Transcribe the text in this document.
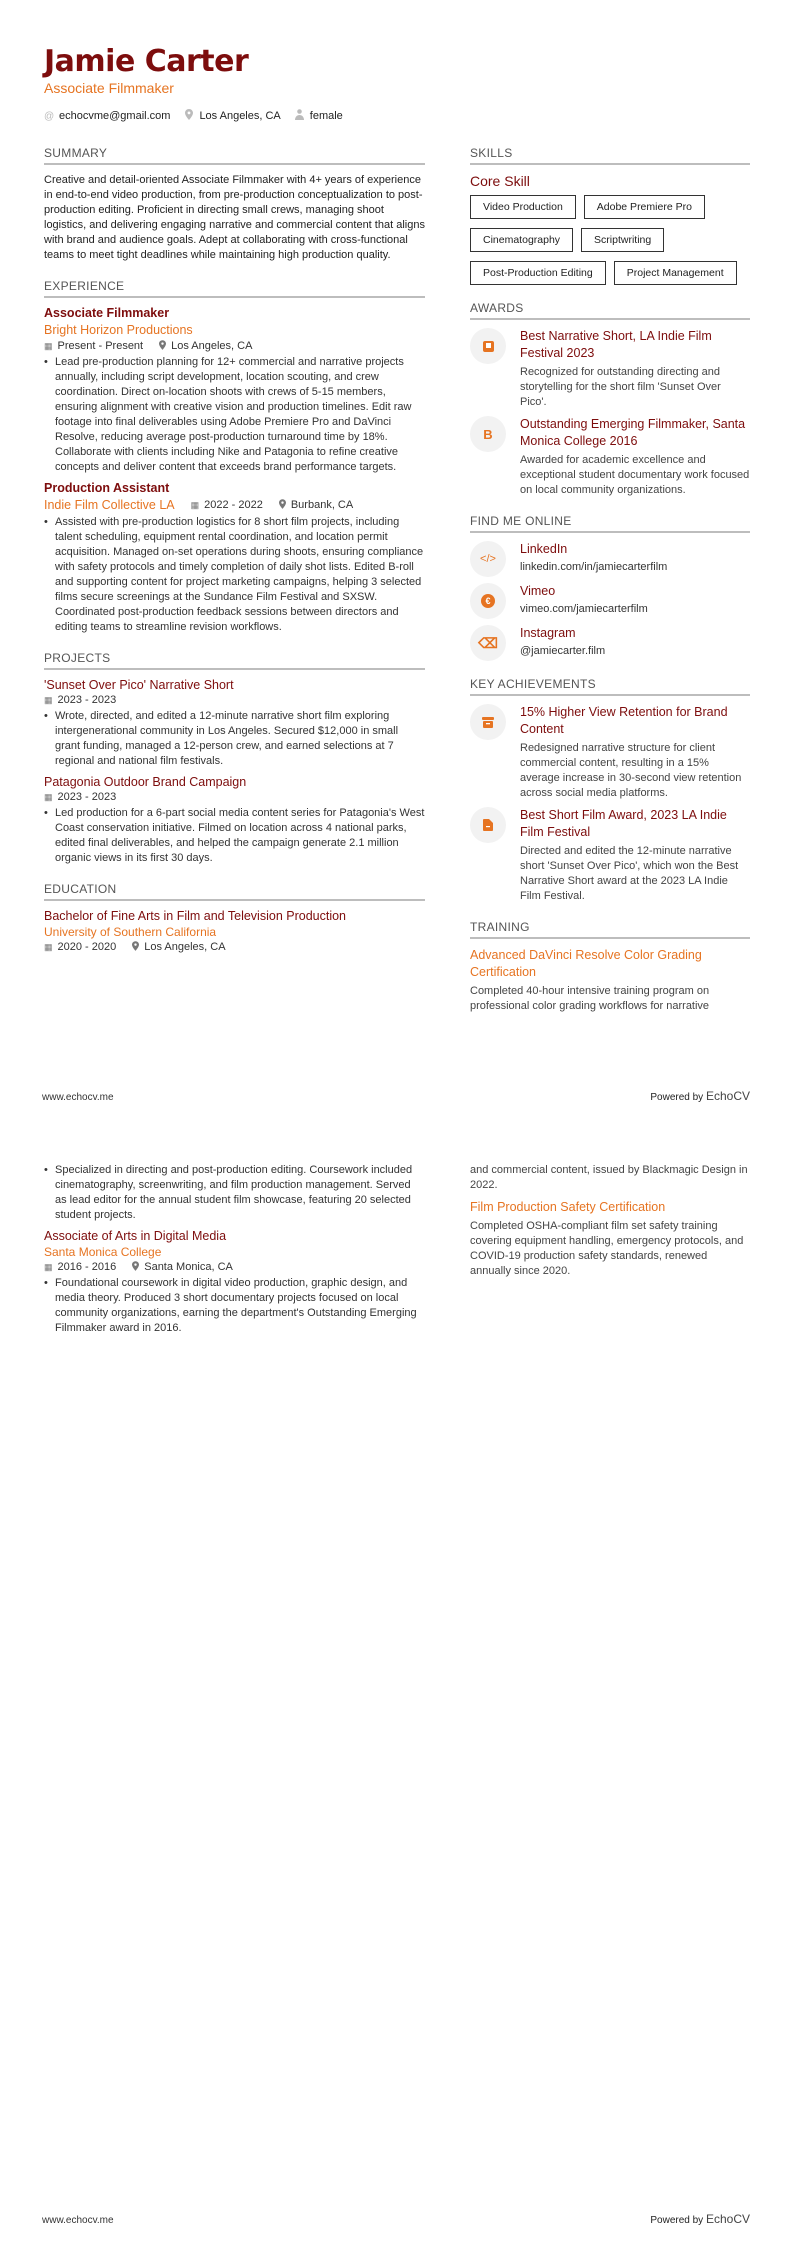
Jamie Carter
Associate Filmmaker
@ echocvme@gmail.com	Los Angeles, CA	female
SUMMARY
Creative and detail-oriented Associate Filmmaker with 4+ years of experience in end-to-end video production, from pre-production conceptualization to post-production editing. Proficient in directing small crews, managing shoot logistics, and delivering engaging narrative and commercial content that aligns with brand and audience goals. Adept at collaborating with cross-functional teams to meet tight deadlines while maintaining high production quality.
EXPERIENCE
Associate Filmmaker
Bright Horizon Productions
▦ Present - Present	Los Angeles, CA
• Lead pre-production planning for 12+ commercial and narrative projects annually, including script development, location scouting, and crew coordination. Direct on-location shoots with crews of 5-15 members, ensuring alignment with creative vision and production timelines. Edit raw footage into final deliverables using Adobe Premiere Pro and DaVinci Resolve, reducing average post-production turnaround time by 18%. Collaborate with clients including Nike and Patagonia to refine creative concepts and deliver content that exceeds brand performance targets.
Production Assistant
Indie Film Collective LA ▦ 2022 - 2022	Burbank, CA
• Assisted with pre-production logistics for 8 short film projects, including talent scheduling, equipment rental coordination, and location permit acquisition. Managed on-set operations during shoots, ensuring compliance with safety protocols and timely completion of daily shot lists. Edited B-roll and supporting content for project marketing campaigns, helping 3 selected films secure screenings at the Sundance Film Festival and SXSW. Coordinated post-production feedback sessions between directors and editing teams to streamline revision workflows.
PROJECTS
'Sunset Over Pico' Narrative Short
▦ 2023 - 2023
• Wrote, directed, and edited a 12-minute narrative short film exploring intergenerational community in Los Angeles. Secured $12,000 in small grant funding, managed a 12-person crew, and earned selections at 7 regional and national film festivals.
Patagonia Outdoor Brand Campaign
▦ 2023 - 2023
• Led production for a 6-part social media content series for Patagonia's West Coast conservation initiative. Filmed on location across 4 national parks, edited final deliverables, and helped the campaign generate 2.1 million organic views in its first 30 days.
EDUCATION
Bachelor of Fine Arts in Film and Television Production
University of Southern California
▦ 2020 - 2020	Los Angeles, CA
SKILLS
Core Skill
Video Production	Adobe Premiere Pro
Cinematography	Scriptwriting
Post-Production Editing	Project Management
AWARDS
Best Narrative Short, LA Indie Film Festival 2023
Recognized for outstanding directing and storytelling for the short film 'Sunset Over Pico'.
B
Outstanding Emerging Filmmaker, Santa Monica College 2016
Awarded for academic excellence and exceptional student documentary work focused on local community organizations.
FIND ME ONLINE
</>
LinkedIn
linkedin.com/in/jamiecarterfilm
€
Vimeo
vimeo.com/jamiecarterfilm
⌫
Instagram
@jamiecarter.film
KEY ACHIEVEMENTS
15% Higher View Retention for Brand Content
Redesigned narrative structure for client commercial content, resulting in a 15% average increase in 30-second view retention across social media platforms.
Best Short Film Award, 2023 LA Indie Film Festival
Directed and edited the 12-minute narrative short 'Sunset Over Pico', which won the Best Narrative Short award at the 2023 LA Indie Film Festival.
TRAINING
Advanced DaVinci Resolve Color Grading Certification
Completed 40-hour intensive training program on professional color grading workflows for narrative
www.echocv.me	Powered by EchoCV
• Specialized in directing and post-production editing. Coursework included cinematography, screenwriting, and film production management. Served as lead editor for the annual student film showcase, featuring 20 selected student projects.
Associate of Arts in Digital Media
Santa Monica College
▦ 2016 - 2016	Santa Monica, CA
• Foundational coursework in digital video production, graphic design, and media theory. Produced 3 short documentary projects focused on local community organizations, earning the department's Outstanding Emerging Filmmaker award in 2016.
and commercial content, issued by Blackmagic Design in 2022.
Film Production Safety Certification
Completed OSHA-compliant film set safety training covering equipment handling, emergency protocols, and COVID-19 production safety standards, renewed annually since 2020.
www.echocv.me	Powered by EchoCV
